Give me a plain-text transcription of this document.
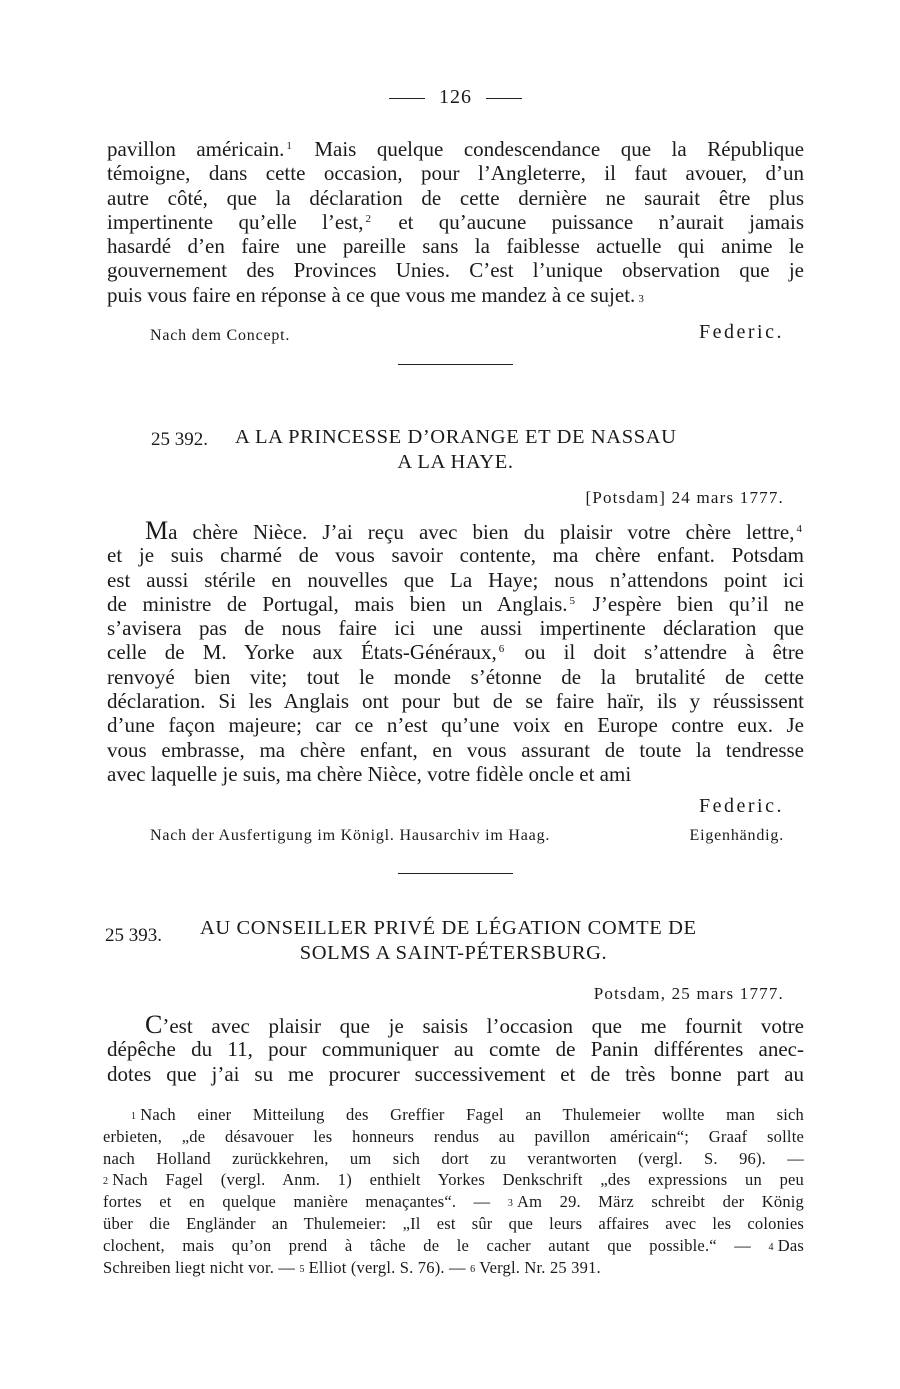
126
pavillon américain. $^1$ Mais quelque condescendance que la République
témoigne, dans cette occasion, pour l’Angleterre, il faut avouer, d’un
autre côté, que la déclaration de cette dernière ne saurait être plus
impertinente qu’elle l’est, $^2$ et qu’aucune puissance n’aurait jamais
hasardé d’en faire une pareille sans la faiblesse actuelle qui anime le
gouvernement des Provinces Unies. C’est l’unique observation que je
puis vous faire en réponse à ce que vous me mandez à ce sujet. 3
Nach dem Concept.	Federic.
25 392. A LA PRINCESSE D’ORANGE ET DE NASSAU
A LA HAYE.
[Potsdam] 24 mars 1777.
Ma chère Nièce. J’ai reçu avec bien du plaisir votre chère lettre, $^4$
et je suis charmé de vous savoir contente, ma chère enfant. Potsdam
est aussi stérile en nouvelles que La Haye; nous n’attendons point ici
de ministre de Portugal, mais bien un Anglais. $^5$ J’espère bien qu’il ne
s’avisera pas de nous faire ici une aussi impertinente déclaration que
celle de M. Yorke aux États-Généraux, $^6$ ou il doit s’attendre à être
renvoyé bien vite; tout le monde s’étonne de la brutalité de cette
déclaration. Si les Anglais ont pour but de se faire haïr, ils y réussissent
d’une façon majeure; car ce n’est qu’une voix en Europe contre eux. Je
vous embrasse, ma chère enfant, en vous assurant de toute la tendresse
avec laquelle je suis, ma chère Nièce, votre fidèle oncle et ami
Federic.
Nach der Ausfertigung im Königl. Hausarchiv im Haag.	Eigenhändig.
25 393. AU CONSEILLER PRIVÉ DE LÉGATION COMTE DE
SOLMS A SAINT-PÉTERSBURG.
Potsdam, 25 mars 1777.
C’est avec plaisir que je saisis l’occasion que me fournit votre
dépêche du 11, pour communiquer au comte de Panin différentes anec-
dotes que j’ai su me procurer successivement et de très bonne part au
1 Nach einer Mitteilung des Greffier Fagel an Thulemeier wollte man sich
erbieten, „de désavouer les honneurs rendus au pavillon américain“; Graaf sollte
nach Holland zurückkehren, um sich dort zu verantworten (vergl. S. 96). —
2 Nach Fagel (vergl. Anm. 1) enthielt Yorkes Denkschrift „des expressions un peu
fortes et en quelque manière menaçantes“. — 3 Am 29. März schreibt der König
über die Engländer an Thulemeier: „Il est sûr que leurs affaires avec les colonies
clochent, mais qu’on prend à tâche de le cacher autant que possible.“ — 4 Das
Schreiben liegt nicht vor. — 5 Elliot (vergl. S. 76). — 6 Vergl. Nr. 25 391.
